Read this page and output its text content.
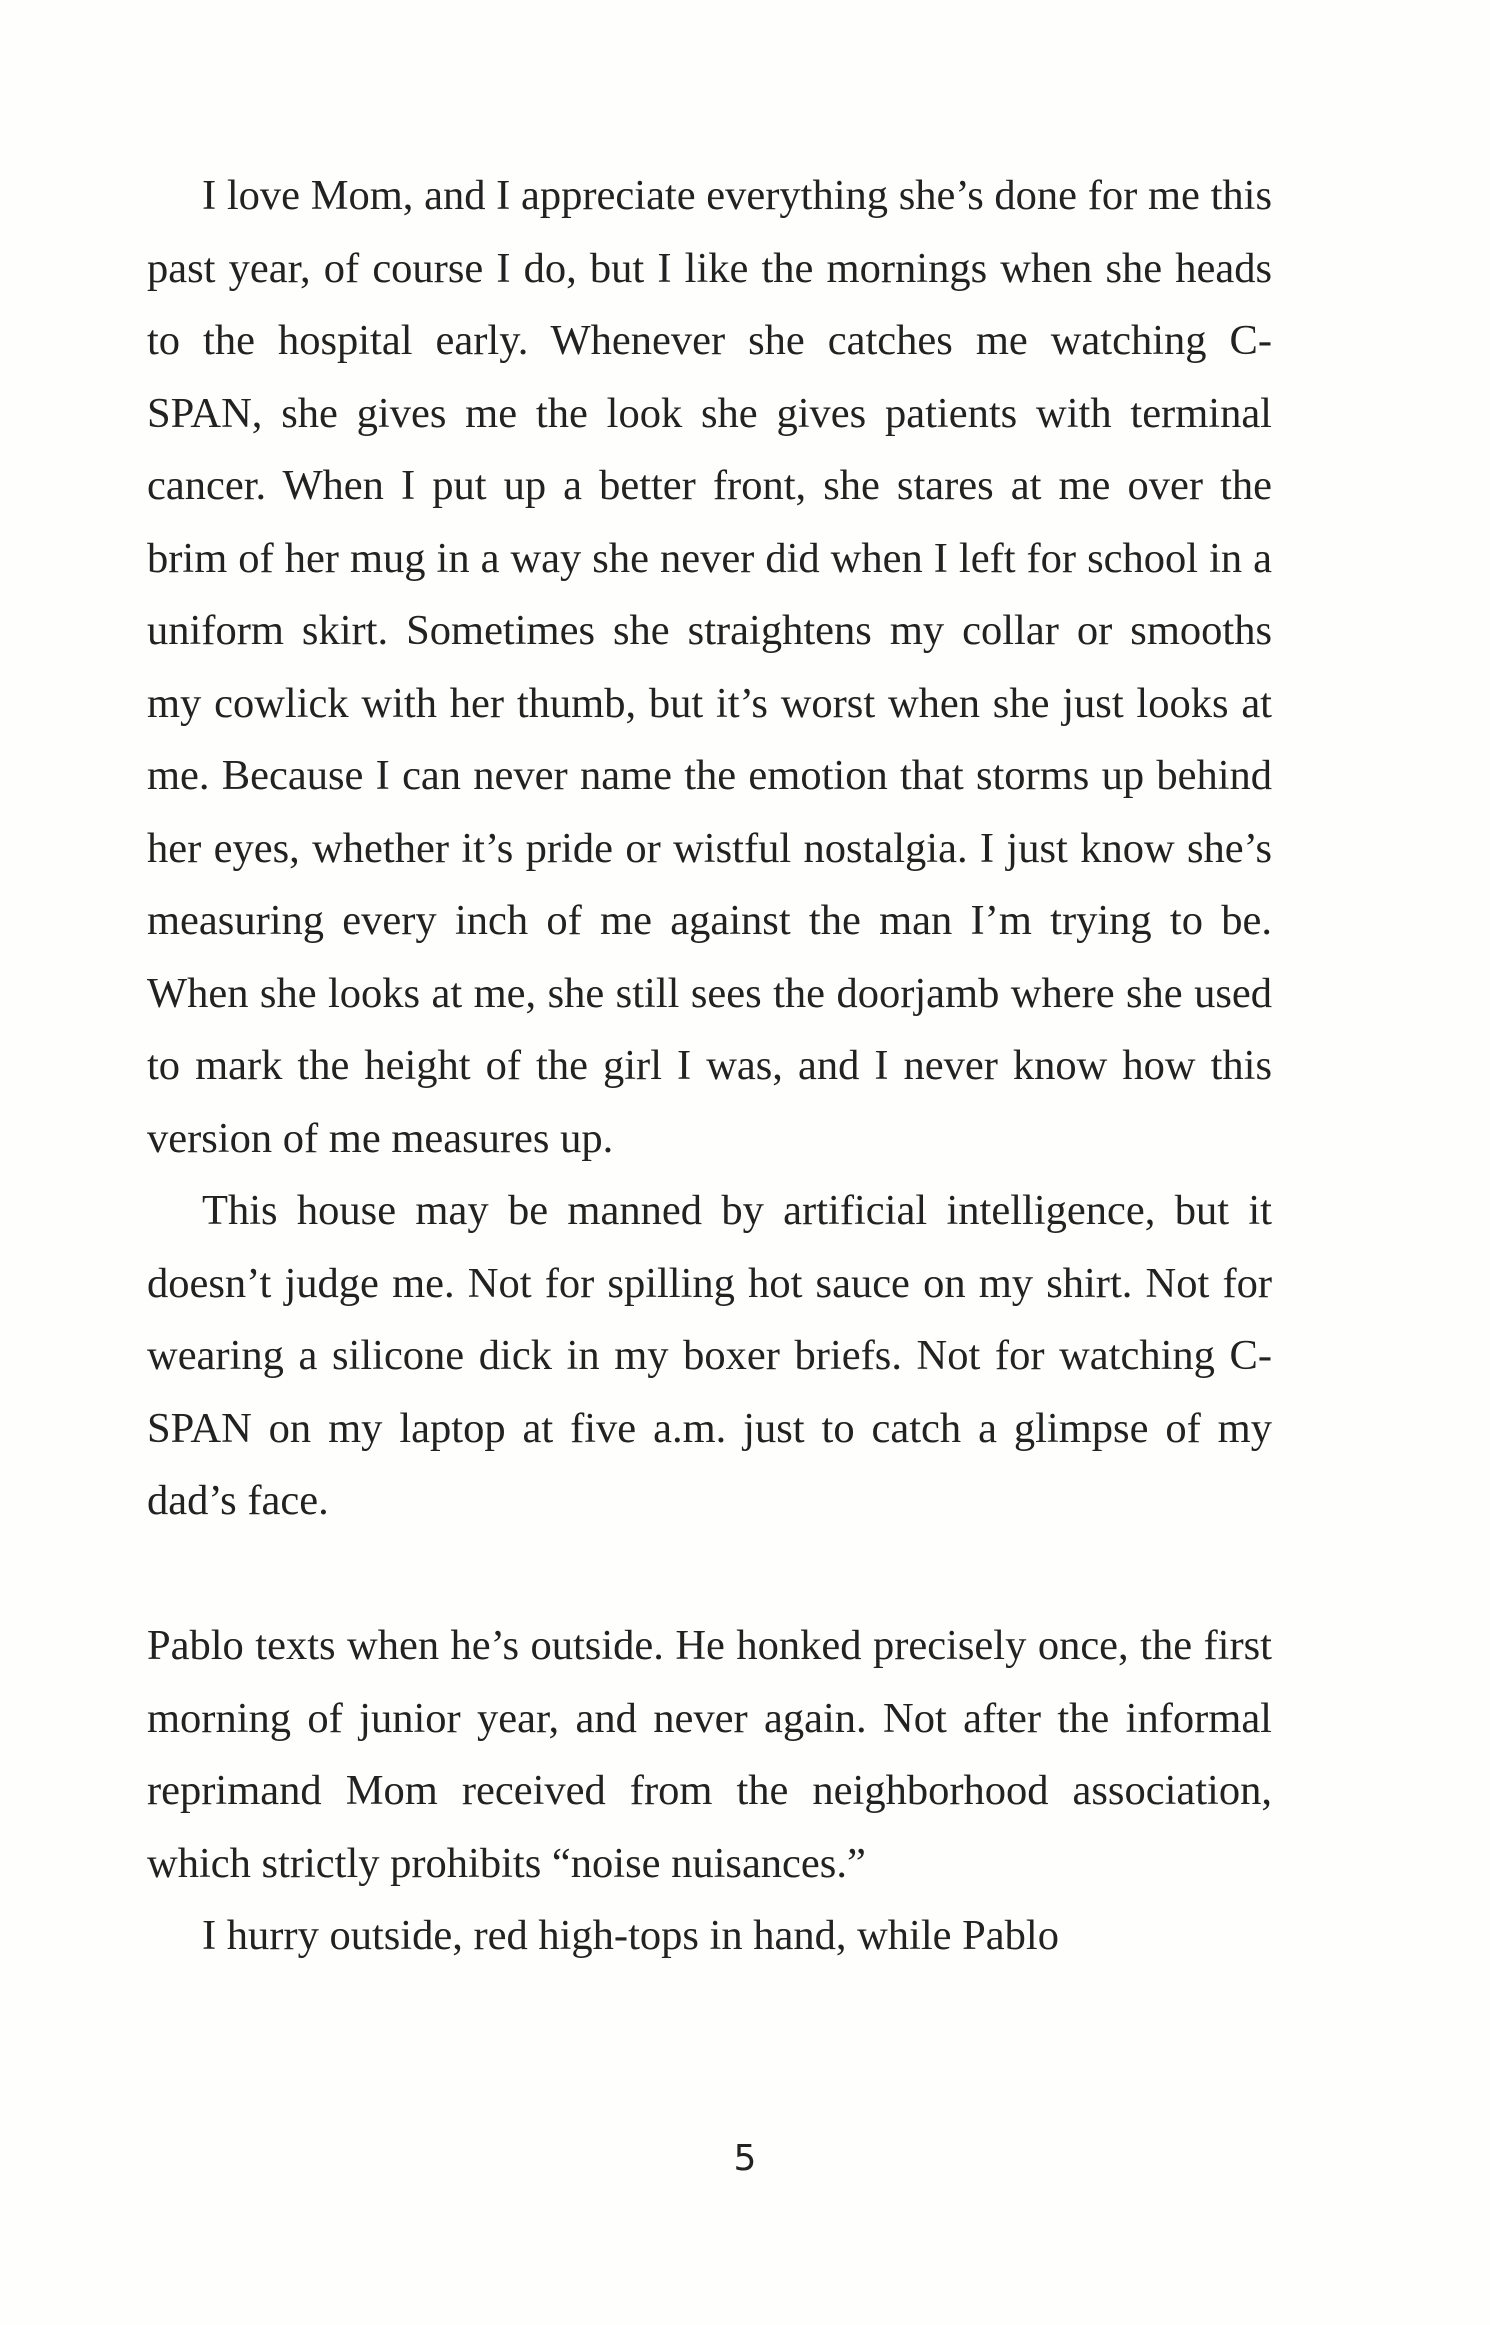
I love Mom, and I appreciate everything she’s done for me this past year, of course I do, but I like the mornings when she heads to the hospital early. Whenever she catches me watching C-SPAN, she gives me the look she gives patients with terminal cancer. When I put up a better front, she stares at me over the brim of her mug in a way she never did when I left for school in a uniform skirt. Sometimes she straightens my collar or smooths my cowlick with her thumb, but it’s worst when she just looks at me. Because I can never name the emotion that storms up behind her eyes, whether it’s pride or wistful nostalgia. I just know she’s measuring every inch of me against the man I’m trying to be. When she looks at me, she still sees the doorjamb where she used to mark the height of the girl I was, and I never know how this version of me measures up.

This house may be manned by artificial intelligence, but it doesn’t judge me. Not for spilling hot sauce on my shirt. Not for wearing a silicone dick in my boxer briefs. Not for watching C-SPAN on my laptop at five a.m. just to catch a glimpse of my dad’s face.

Pablo texts when he’s outside. He honked precisely once, the first morning of junior year, and never again. Not after the informal reprimand Mom received from the neighborhood association, which strictly prohibits “noise nuisances.”

I hurry outside, red high-tops in hand, while Pablo

5
